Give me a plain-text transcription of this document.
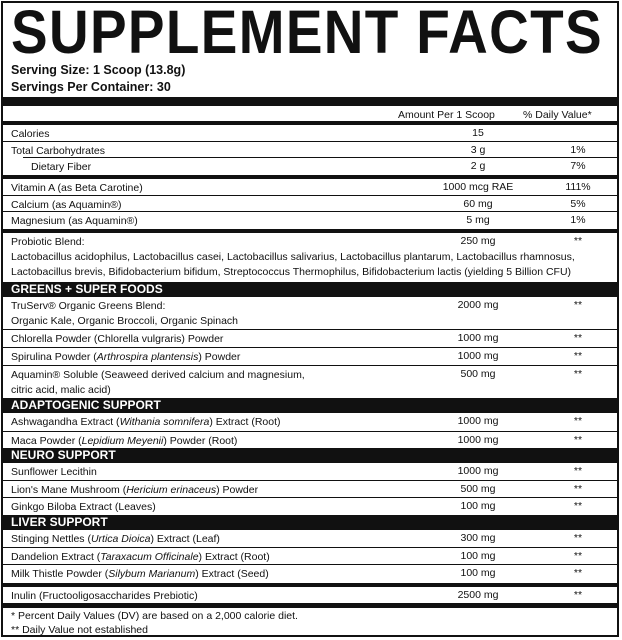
SUPPLEMENT FACTS
Serving Size: 1 Scoop (13.8g)
Servings Per Container: 30
Amount Per 1 Scoop	% Daily Value*
Calories	15
Total Carbohydrates	3 g	1%
Dietary Fiber	2 g	7%
Vitamin A (as Beta Carotine)	1000 mcg RAE	111%
Calcium (as Aquamin®)	60 mg	5%
Magnesium (as Aquamin®)	5 mg	1%
Probiotic Blend:	250 mg	**
Lactobacillus acidophilus, Lactobacillus casei, Lactobacillus salivarius, Lactobacillus plantarum, Lactobacillus rhamnosus,
Lactobacillus brevis, Bifidobacterium bifidum, Streptococcus Thermophilus, Bifidobacterium lactis (yielding 5 Billion CFU)
GREENS + SUPER FOODS
TruServ® Organic Greens Blend:	2000 mg	**
Organic Kale, Organic Broccoli, Organic Spinach
Chlorella Powder (Chlorella vulgraris) Powder	1000 mg	**
Spirulina Powder (Arthrospira plantensis) Powder	1000 mg	**
Aquamin® Soluble (Seaweed derived calcium and magnesium,	500 mg	**
citric acid, malic acid)
ADAPTOGENIC SUPPORT
Ashwagandha Extract (Withania somnifera) Extract (Root)	1000 mg	**
Maca Powder (Lepidium Meyenii) Powder (Root)	1000 mg	**
NEURO SUPPORT
Sunflower Lecithin	1000 mg	**
Lion's Mane Mushroom (Hericium erinaceus) Powder	500 mg	**
Ginkgo Biloba Extract (Leaves)	100 mg	**
LIVER SUPPORT
Stinging Nettles (Urtica Dioica) Extract (Leaf)	300 mg	**
Dandelion Extract (Taraxacum Officinale) Extract (Root)	100 mg	**
Milk Thistle Powder (Silybum Marianum) Extract (Seed)	100 mg	**
Inulin (Fructooligosaccharides Prebiotic)	2500 mg	**
* Percent Daily Values (DV) are based on a 2,000 calorie diet.
** Daily Value not established
